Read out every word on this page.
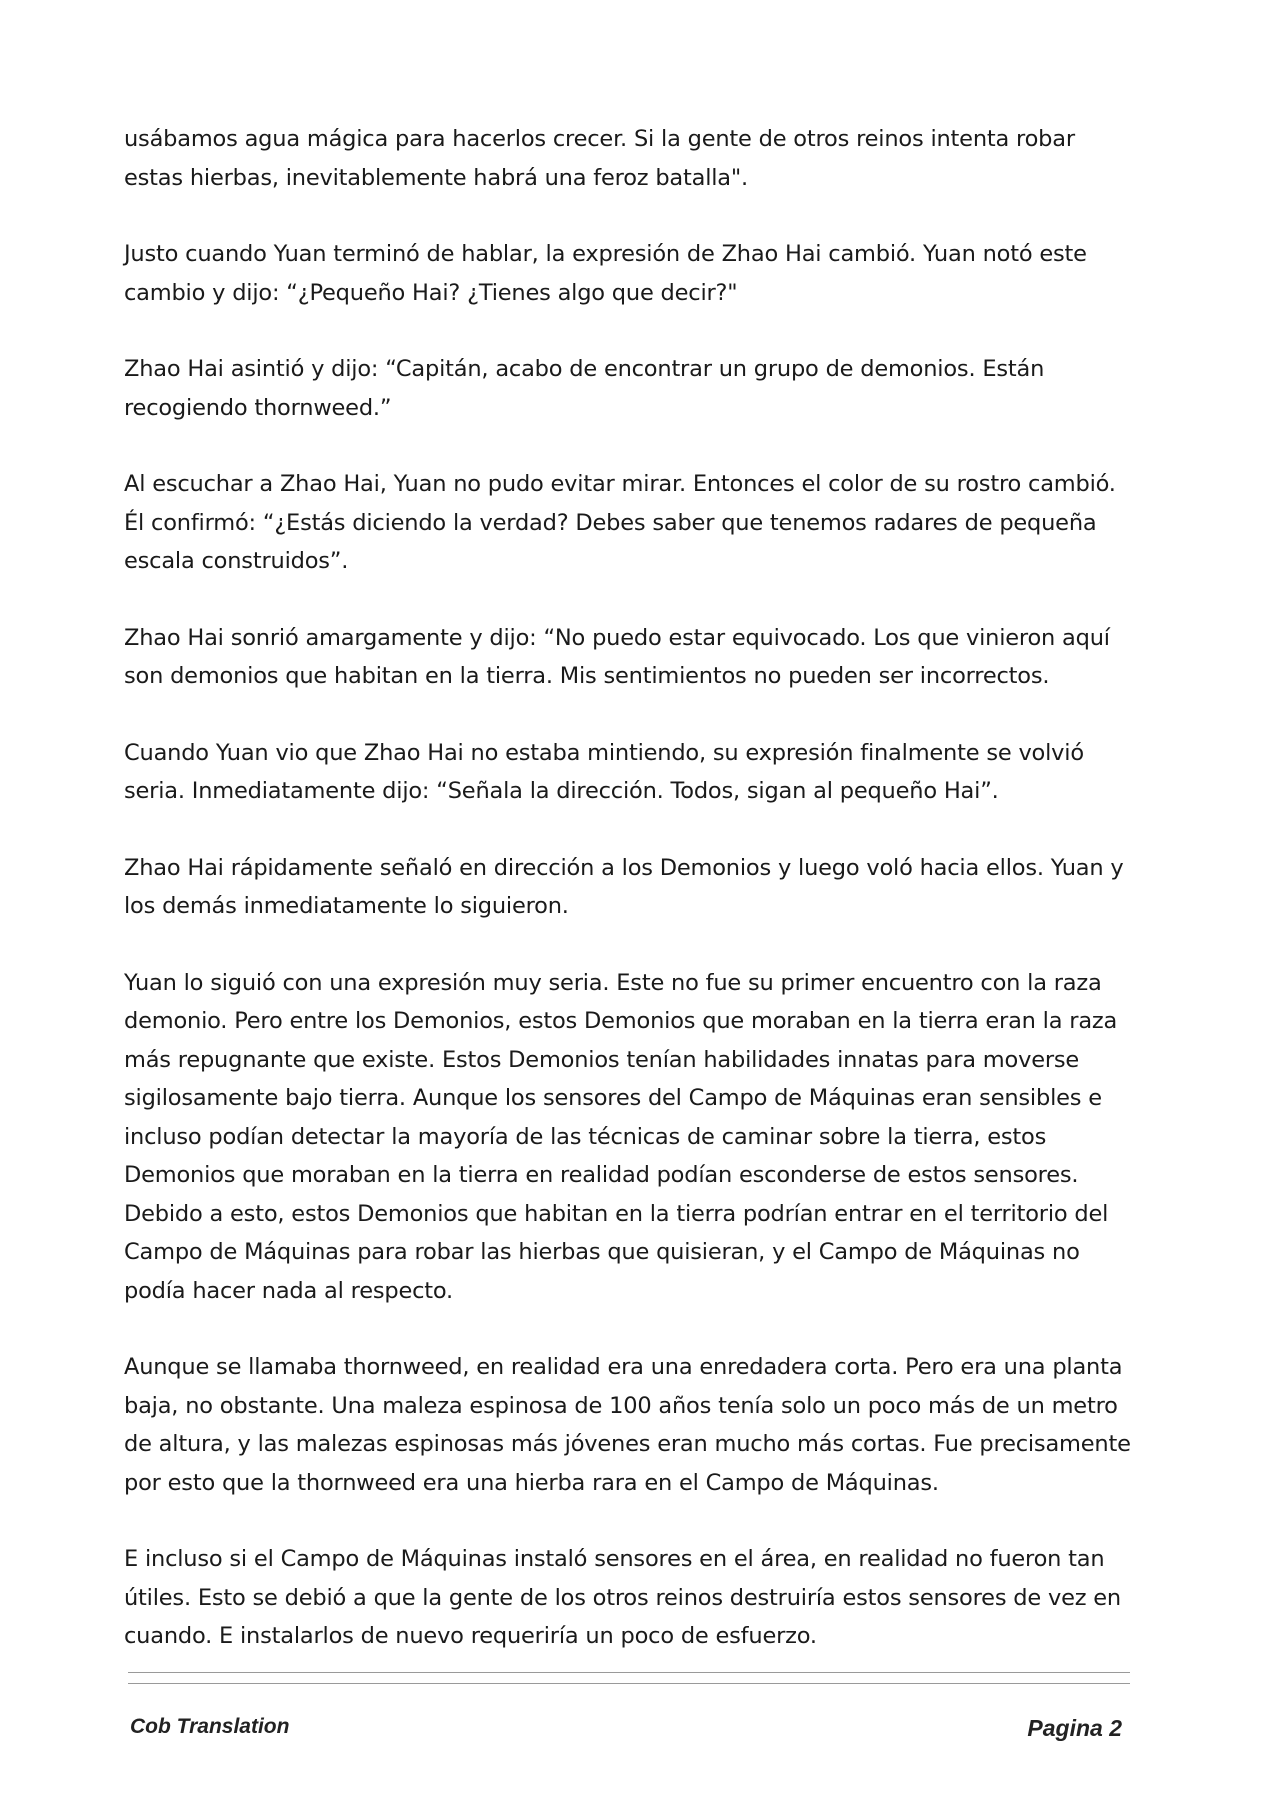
usábamos agua mágica para hacerlos crecer. Si la gente de otros reinos intenta robar estas hierbas, inevitablemente habrá una feroz batalla".

Justo cuando Yuan terminó de hablar, la expresión de Zhao Hai cambió. Yuan notó este cambio y dijo: “¿Pequeño Hai? ¿Tienes algo que decir?"

Zhao Hai asintió y dijo: “Capitán, acabo de encontrar un grupo de demonios. Están recogiendo thornweed.”

Al escuchar a Zhao Hai, Yuan no pudo evitar mirar. Entonces el color de su rostro cambió. Él confirmó: “¿Estás diciendo la verdad? Debes saber que tenemos radares de pequeña escala construidos”.

Zhao Hai sonrió amargamente y dijo: “No puedo estar equivocado. Los que vinieron aquí son demonios que habitan en la tierra. Mis sentimientos no pueden ser incorrectos.

Cuando Yuan vio que Zhao Hai no estaba mintiendo, su expresión finalmente se volvió seria. Inmediatamente dijo: “Señala la dirección. Todos, sigan al pequeño Hai”.

Zhao Hai rápidamente señaló en dirección a los Demonios y luego voló hacia ellos. Yuan y los demás inmediatamente lo siguieron.

Yuan lo siguió con una expresión muy seria. Este no fue su primer encuentro con la raza demonio. Pero entre los Demonios, estos Demonios que moraban en la tierra eran la raza más repugnante que existe. Estos Demonios tenían habilidades innatas para moverse sigilosamente bajo tierra. Aunque los sensores del Campo de Máquinas eran sensibles e incluso podían detectar la mayoría de las técnicas de caminar sobre la tierra, estos Demonios que moraban en la tierra en realidad podían esconderse de estos sensores. Debido a esto, estos Demonios que habitan en la tierra podrían entrar en el territorio del Campo de Máquinas para robar las hierbas que quisieran, y el Campo de Máquinas no podía hacer nada al respecto.

Aunque se llamaba thornweed, en realidad era una enredadera corta. Pero era una planta baja, no obstante. Una maleza espinosa de 100 años tenía solo un poco más de un metro de altura, y las malezas espinosas más jóvenes eran mucho más cortas. Fue precisamente por esto que la thornweed era una hierba rara en el Campo de Máquinas.

E incluso si el Campo de Máquinas instaló sensores en el área, en realidad no fueron tan útiles. Esto se debió a que la gente de los otros reinos destruiría estos sensores de vez en cuando. E instalarlos de nuevo requeriría un poco de esfuerzo.

Cob Translation	Pagina 2
